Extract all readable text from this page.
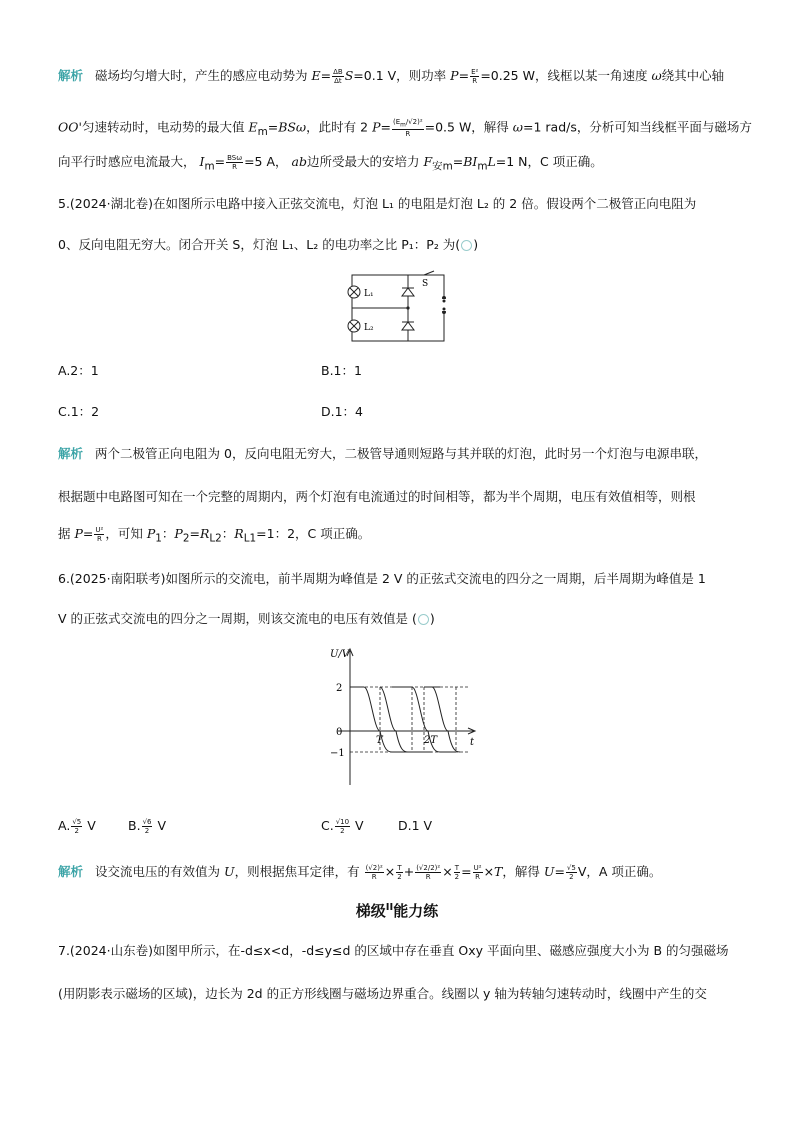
解析 磁场均匀增大时，产生的感应电动势为 $E= \frac{\Delta B}{\Delta t} S=0.1$ V，则功率 $P= \frac{\text{E²}}{R} =0.25$ W，线框以某一角速度 ω绕其中心轴
OO'匀速转动时，电动势的最大值 $E_m=BS\omega$，此时有 2 $P= \frac{(E_m/√2)^2}{R} =0.5$ W，解得 ω=1 rad/s，分析可知当线框平面与磁场方
向平行时感应电流最大， $I_m= \frac{\text{BSω}}{R} =5$ A， ab边所受最大的安培力 $F_{安m}=BI_mL=1$ N，C 项正确。
5.(2024·湖北卷)在如图所示电路中接入正弦交流电，灯泡 L₁ 的电阻是灯泡 L₂ 的 2 倍。假设两个二极管正向电阻为
0、反向电阻无穷大。闭合开关 S，灯泡 L₁、L₂ 的电功率之比 P₁：P₂ 为( )
L₁
L₂
S
A.2：1	B.1：1
C.1：2	D.1：4
解析 两个二极管正向电阻为 0，反向电阻无穷大，二极管导通则短路与其并联的灯泡，此时另一个灯泡与电源串联，
根据题中电路图可知在一个完整的周期内，两个灯泡有电流通过的时间相等，都为半个周期，电压有效值相等，则根
据 $P= \frac{\text{U²}}{R}$ ，可知 $P_1$：$P_2=R_{L2}$：$R_{L1}=1$：2，C 项正确。
6.(2025·南阳联考)如图所示的交流电，前半周期为峰值是 2 V 的正弦式交流电的四分之一周期，后半周期为峰值是 1
V 的正弦式交流电的四分之一周期，则该交流电的电压有效值是 ( )
U/V
t
2
0
−1
T	2T
A. $\frac{√5}{2}$ V	B. $\frac{√6}{2}$ V	C. $\frac{√10}{2}$ V	D.1 V
解析 设交流电压的有效值为 U，则根据焦耳定律，有 $\frac{\text{(√2)²}}{R} \times \frac{T}{2} + \frac{\text{(√2/2)²}}{R} \times \frac{T}{2} = \frac{\text{U²}}{R} \times T$，解得 $U= \frac{√5}{2}$ V，A 项正确。
梯级$^{II}$能力练
7.(2024·山东卷)如图甲所示，在-d≤x<d，-d≤y≤d 的区域中存在垂直 Oxy 平面向里、磁感应强度大小为 B 的匀强磁场
(用阴影表示磁场的区域)，边长为 2d 的正方形线圈与磁场边界重合。线圈以 y 轴为转轴匀速转动时，线圈中产生的交
